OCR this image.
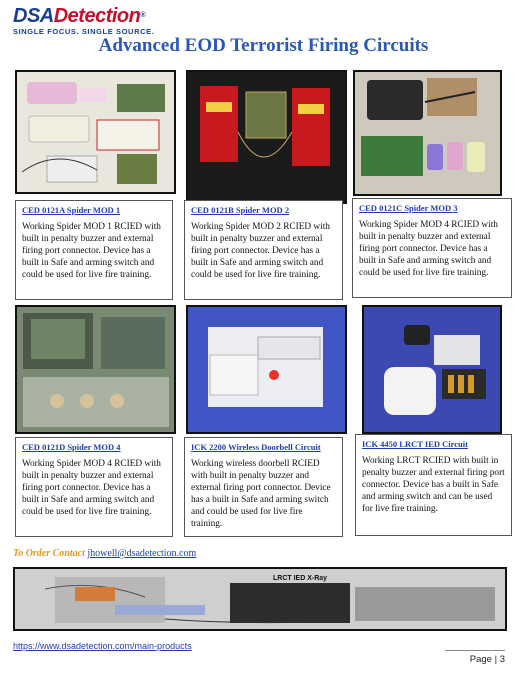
DSADetection®
SINGLE FOCUS. SINGLE SOURCE.
Advanced EOD Terrorist Firing Circuits
CED 0121A Spider MOD 1
Working Spider MOD 1 RCIED with built in penalty buzzer and external firing port connector. Device has a built in Safe and arming switch and could be used for live fire training.
CED 0121B Spider MOD 2
Working Spider MOD 2 RCIED with built in penalty buzzer and external firing port connector. Device has a built in Safe and arming switch and could be used for live fire training.
CED 0121C Spider MOD 3
Working Spider MOD 4 RCIED with built in penalty buzzer and external firing port connector. Device has a built in Safe and arming switch and could be used for live fire training.
CED 0121D Spider MOD 4
Working Spider MOD 4 RCIED with built in penalty buzzer and external firing port connector. Device has a built in Safe and arming switch and could be used for live fire training.
ICK 2200 Wireless Doorbell Circuit
Working wireless doorbell RCIED with built in penalty buzzer and external firing port connector. Device has a built in Safe and arming switch and could be used for live fire training.
ICK 4450 LRCT IED Circuit
Working LRCT RCIED with built in penalty buzzer and external firing port connector. Device has a built in Safe and arming switch and can be used for live fire training.
To Order Contact jhowell@dsadetection.com
LRCT IED X-Ray
https://www.dsadetection.com/main-products
Page | 3
